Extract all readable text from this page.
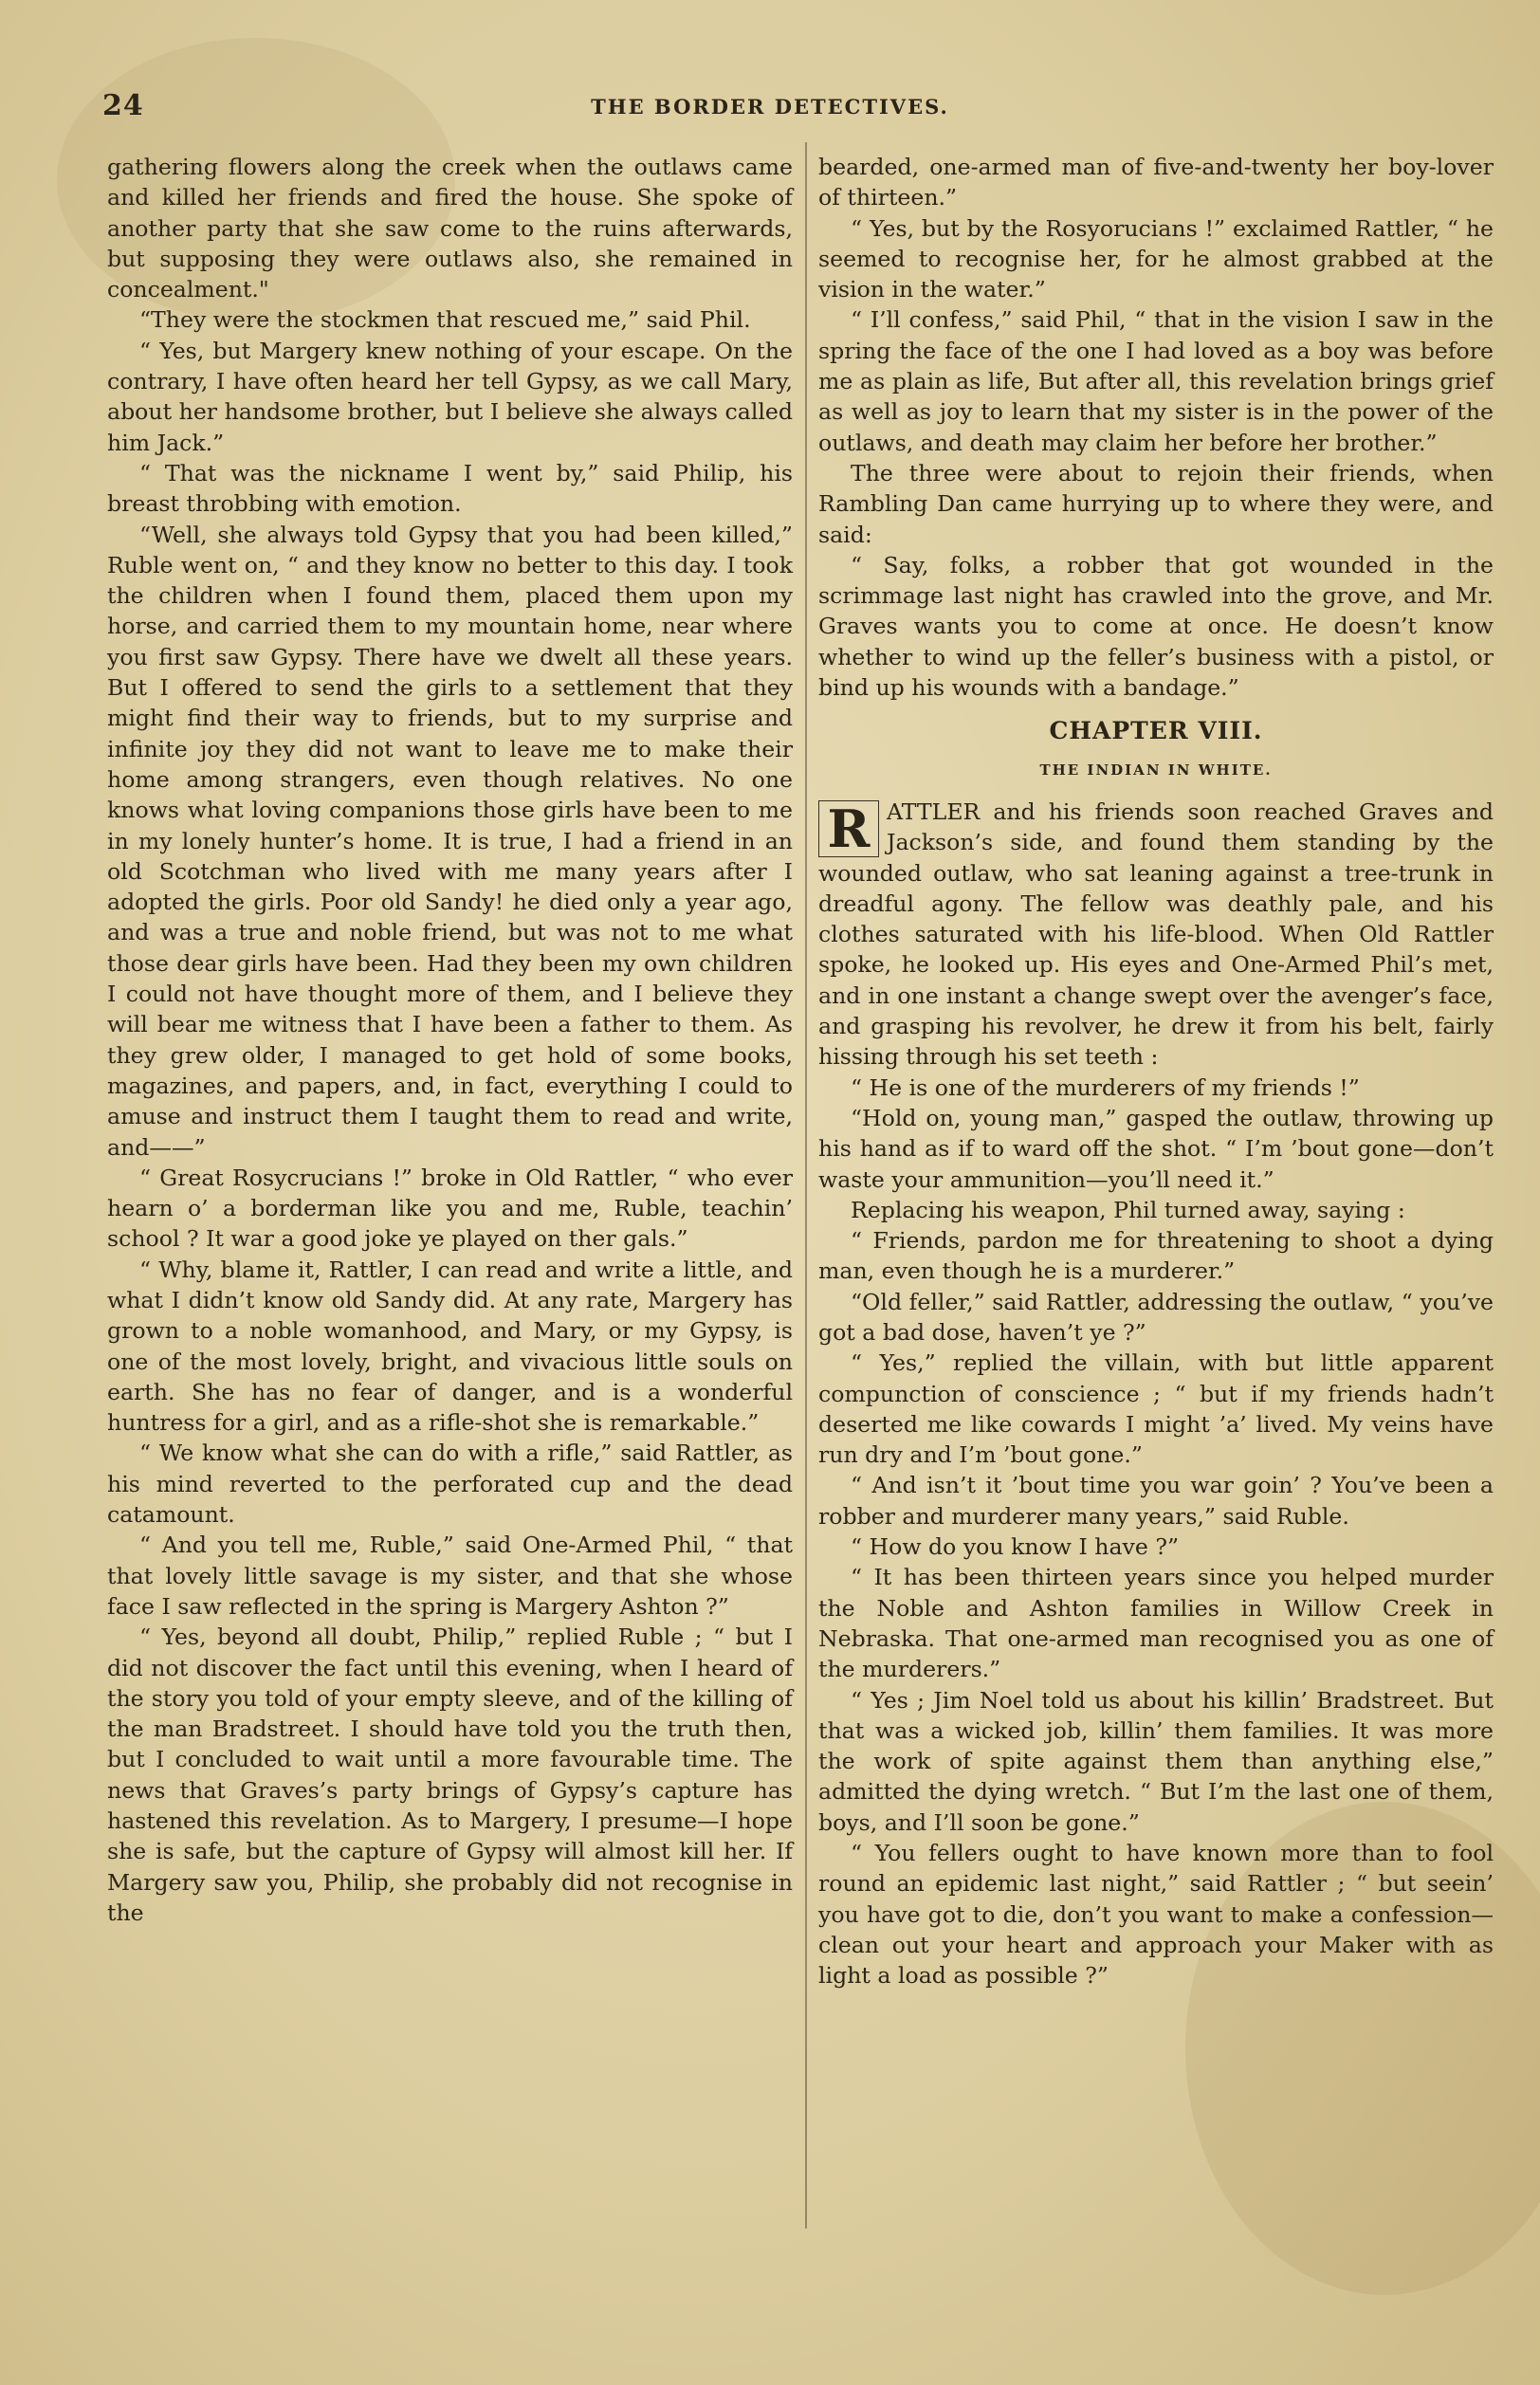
24	THE BORDER DETECTIVES.

gathering flowers along the creek when the outlaws came and killed her friends and fired the house. She spoke of another party that she saw come to the ruins afterwards, but supposing they were outlaws also, she remained in concealment."

“They were the stockmen that rescued me,” said Phil.

“ Yes, but Margery knew nothing of your escape. On the contrary, I have often heard her tell Gypsy, as we call Mary, about her handsome brother, but I believe she always called him Jack.”

“ That was the nickname I went by,” said Philip, his breast throbbing with emotion.

“Well, she always told Gypsy that you had been killed,” Ruble went on, “ and they know no better to this day. I took the children when I found them, placed them upon my horse, and carried them to my mountain home, near where you first saw Gypsy. There have we dwelt all these years. But I offered to send the girls to a settlement that they might find their way to friends, but to my surprise and infinite joy they did not want to leave me to make their home among strangers, even though relatives. No one knows what loving companions those girls have been to me in my lonely hunter’s home. It is true, I had a friend in an old Scotchman who lived with me many years after I adopted the girls. Poor old Sandy! he died only a year ago, and was a true and noble friend, but was not to me what those dear girls have been. Had they been my own children I could not have thought more of them, and I believe they will bear me witness that I have been a father to them. As they grew older, I managed to get hold of some books, magazines, and papers, and, in fact, everything I could to amuse and instruct them I taught them to read and write, and——”

“ Great Rosycrucians !” broke in Old Rattler, “ who ever hearn o’ a borderman like you and me, Ruble, teachin’ school ? It war a good joke ye played on ther gals.”

“ Why, blame it, Rattler, I can read and write a little, and what I didn’t know old Sandy did. At any rate, Margery has grown to a noble womanhood, and Mary, or my Gypsy, is one of the most lovely, bright, and vivacious little souls on earth. She has no fear of danger, and is a wonderful huntress for a girl, and as a rifle-shot she is remarkable.”

“ We know what she can do with a rifle,” said Rattler, as his mind reverted to the perforated cup and the dead catamount.

“ And you tell me, Ruble,” said One-Armed Phil, “ that that lovely little savage is my sister, and that she whose face I saw reflected in the spring is Margery Ashton ?”

“ Yes, beyond all doubt, Philip,” replied Ruble ; “ but I did not discover the fact until this evening, when I heard of the story you told of your empty sleeve, and of the killing of the man Bradstreet. I should have told you the truth then, but I concluded to wait until a more favourable time. The news that Graves’s party brings of Gypsy’s capture has hastened this revelation. As to Margery, I presume—I hope she is safe, but the capture of Gypsy will almost kill her. If Margery saw you, Philip, she probably did not recognise in the

bearded, one-armed man of five-and-twenty her boy-lover of thirteen.”

“ Yes, but by the Rosyorucians !” exclaimed Rattler, “ he seemed to recognise her, for he almost grabbed at the vision in the water.”

“ I’ll confess,” said Phil, “ that in the vision I saw in the spring the face of the one I had loved as a boy was before me as plain as life, But after all, this revelation brings grief as well as joy to learn that my sister is in the power of the outlaws, and death may claim her before her brother.”

The three were about to rejoin their friends, when Rambling Dan came hurrying up to where they were, and said:

“ Say, folks, a robber that got wounded in the scrimmage last night has crawled into the grove, and Mr. Graves wants you to come at once. He doesn’t know whether to wind up the feller’s business with a pistol, or bind up his wounds with a bandage.”

CHAPTER VIII.
THE INDIAN IN WHITE.

R ATTLER and his friends soon reached Graves and Jackson’s side, and found them standing by the wounded outlaw, who sat leaning against a tree-trunk in dreadful agony. The fellow was deathly pale, and his clothes saturated with his life-blood. When Old Rattler spoke, he looked up. His eyes and One-Armed Phil’s met, and in one instant a change swept over the avenger’s face, and grasping his revolver, he drew it from his belt, fairly hissing through his set teeth :

“ He is one of the murderers of my friends !”

“Hold on, young man,” gasped the outlaw, throwing up his hand as if to ward off the shot. “ I’m ’bout gone—don’t waste your ammunition—you’ll need it.”

Replacing his weapon, Phil turned away, saying :

“ Friends, pardon me for threatening to shoot a dying man, even though he is a murderer.”

“Old feller,” said Rattler, addressing the outlaw, “ you’ve got a bad dose, haven’t ye ?”

“ Yes,” replied the villain, with but little apparent compunction of conscience ; “ but if my friends hadn’t deserted me like cowards I might ’a’ lived. My veins have run dry and I’m ’bout gone.”

“ And isn’t it ’bout time you war goin’ ? You’ve been a robber and murderer many years,” said Ruble.

“ How do you know I have ?”

“ It has been thirteen years since you helped murder the Noble and Ashton families in Willow Creek in Nebraska. That one-armed man recognised you as one of the murderers.”

“ Yes ; Jim Noel told us about his killin’ Bradstreet. But that was a wicked job, killin’ them families. It was more the work of spite against them than anything else,” admitted the dying wretch. “ But I’m the last one of them, boys, and I’ll soon be gone.”

“ You fellers ought to have known more than to fool round an epidemic last night,” said Rattler ; “ but seein’ you have got to die, don’t you want to make a confession—clean out your heart and approach your Maker with as light a load as possible ?”
